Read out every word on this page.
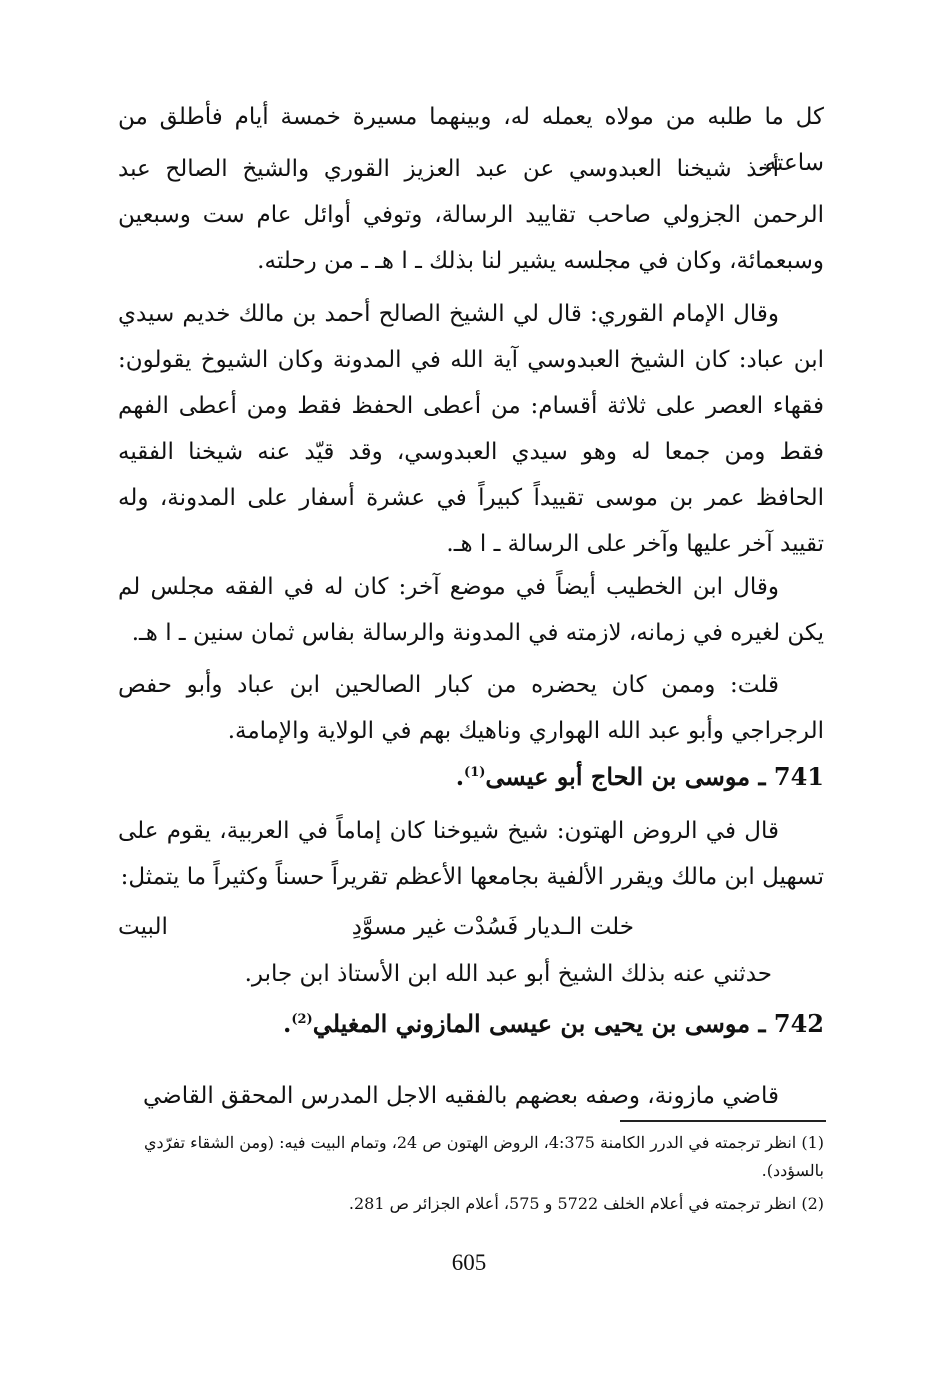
كل ما طلبه من مولاه يعمله له، وبينهما مسيرة خمسة أيام فأطلق من ساعته.

أخذ شيخنا العبدوسي عن عبد العزيز القوري والشيخ الصالح عبد الرحمن الجزولي صاحب تقاييد الرسالة، وتوفي أوائل عام ست وسبعين وسبعمائة، وكان في مجلسه يشير لنا بذلك ـ ا هـ ـ من رحلته.

وقال الإمام القوري: قال لي الشيخ الصالح أحمد بن مالك خديم سيدي ابن عباد: كان الشيخ العبدوسي آية الله في المدونة وكان الشيوخ يقولون: فقهاء العصر على ثلاثة أقسام: من أعطى الحفظ فقط ومن أعطى الفهم فقط ومن جمعا له وهو سيدي العبدوسي، وقد قيّد عنه شيخنا الفقيه الحافظ عمر بن موسى تقييداً كبيراً في عشرة أسفار على المدونة، وله تقييد آخر عليها وآخر على الرسالة ـ ا هـ.

وقال ابن الخطيب أيضاً في موضع آخر: كان له في الفقه مجلس لم يكن لغيره في زمانه، لازمته في المدونة والرسالة بفاس ثمان سنين ـ ا هـ.

قلت: وممن كان يحضره من كبار الصالحين ابن عباد وأبو حفص الرجراجي وأبو عبد الله الهواري وناهيك بهم في الولاية والإمامة.

741 ـ موسى بن الحاج أبو عيسى$^{(1)}$.

قال في الروض الهتون: شيخ شيوخنا كان إماماً في العربية، يقوم على تسهيل ابن مالك ويقرر الألفية بجامعها الأعظم تقريراً حسناً وكثيراً ما يتمثل:

خلت الـديار فَسُدْت غير مسوَّدِ
البيت
حدثني عنه بذلك الشيخ أبو عبد الله ابن الأستاذ ابن جابر.
742 ـ موسى بن يحيى بن عيسى المازوني المغيلي$^{(2)}$.

قاضي مازونة، وصفه بعضهم بالفقيه الاجل المدرس المحقق القاضي

(1) انظر ترجمته في الدرر الكامنة 4:375، الروض الهتون ص 24، وتمام البيت فيه: (ومن الشقاء تفرّدي بالسؤدد).

(2) انظر ترجمته في أعلام الخلف 5722 و 575، أعلام الجزائر ص 281.

605
